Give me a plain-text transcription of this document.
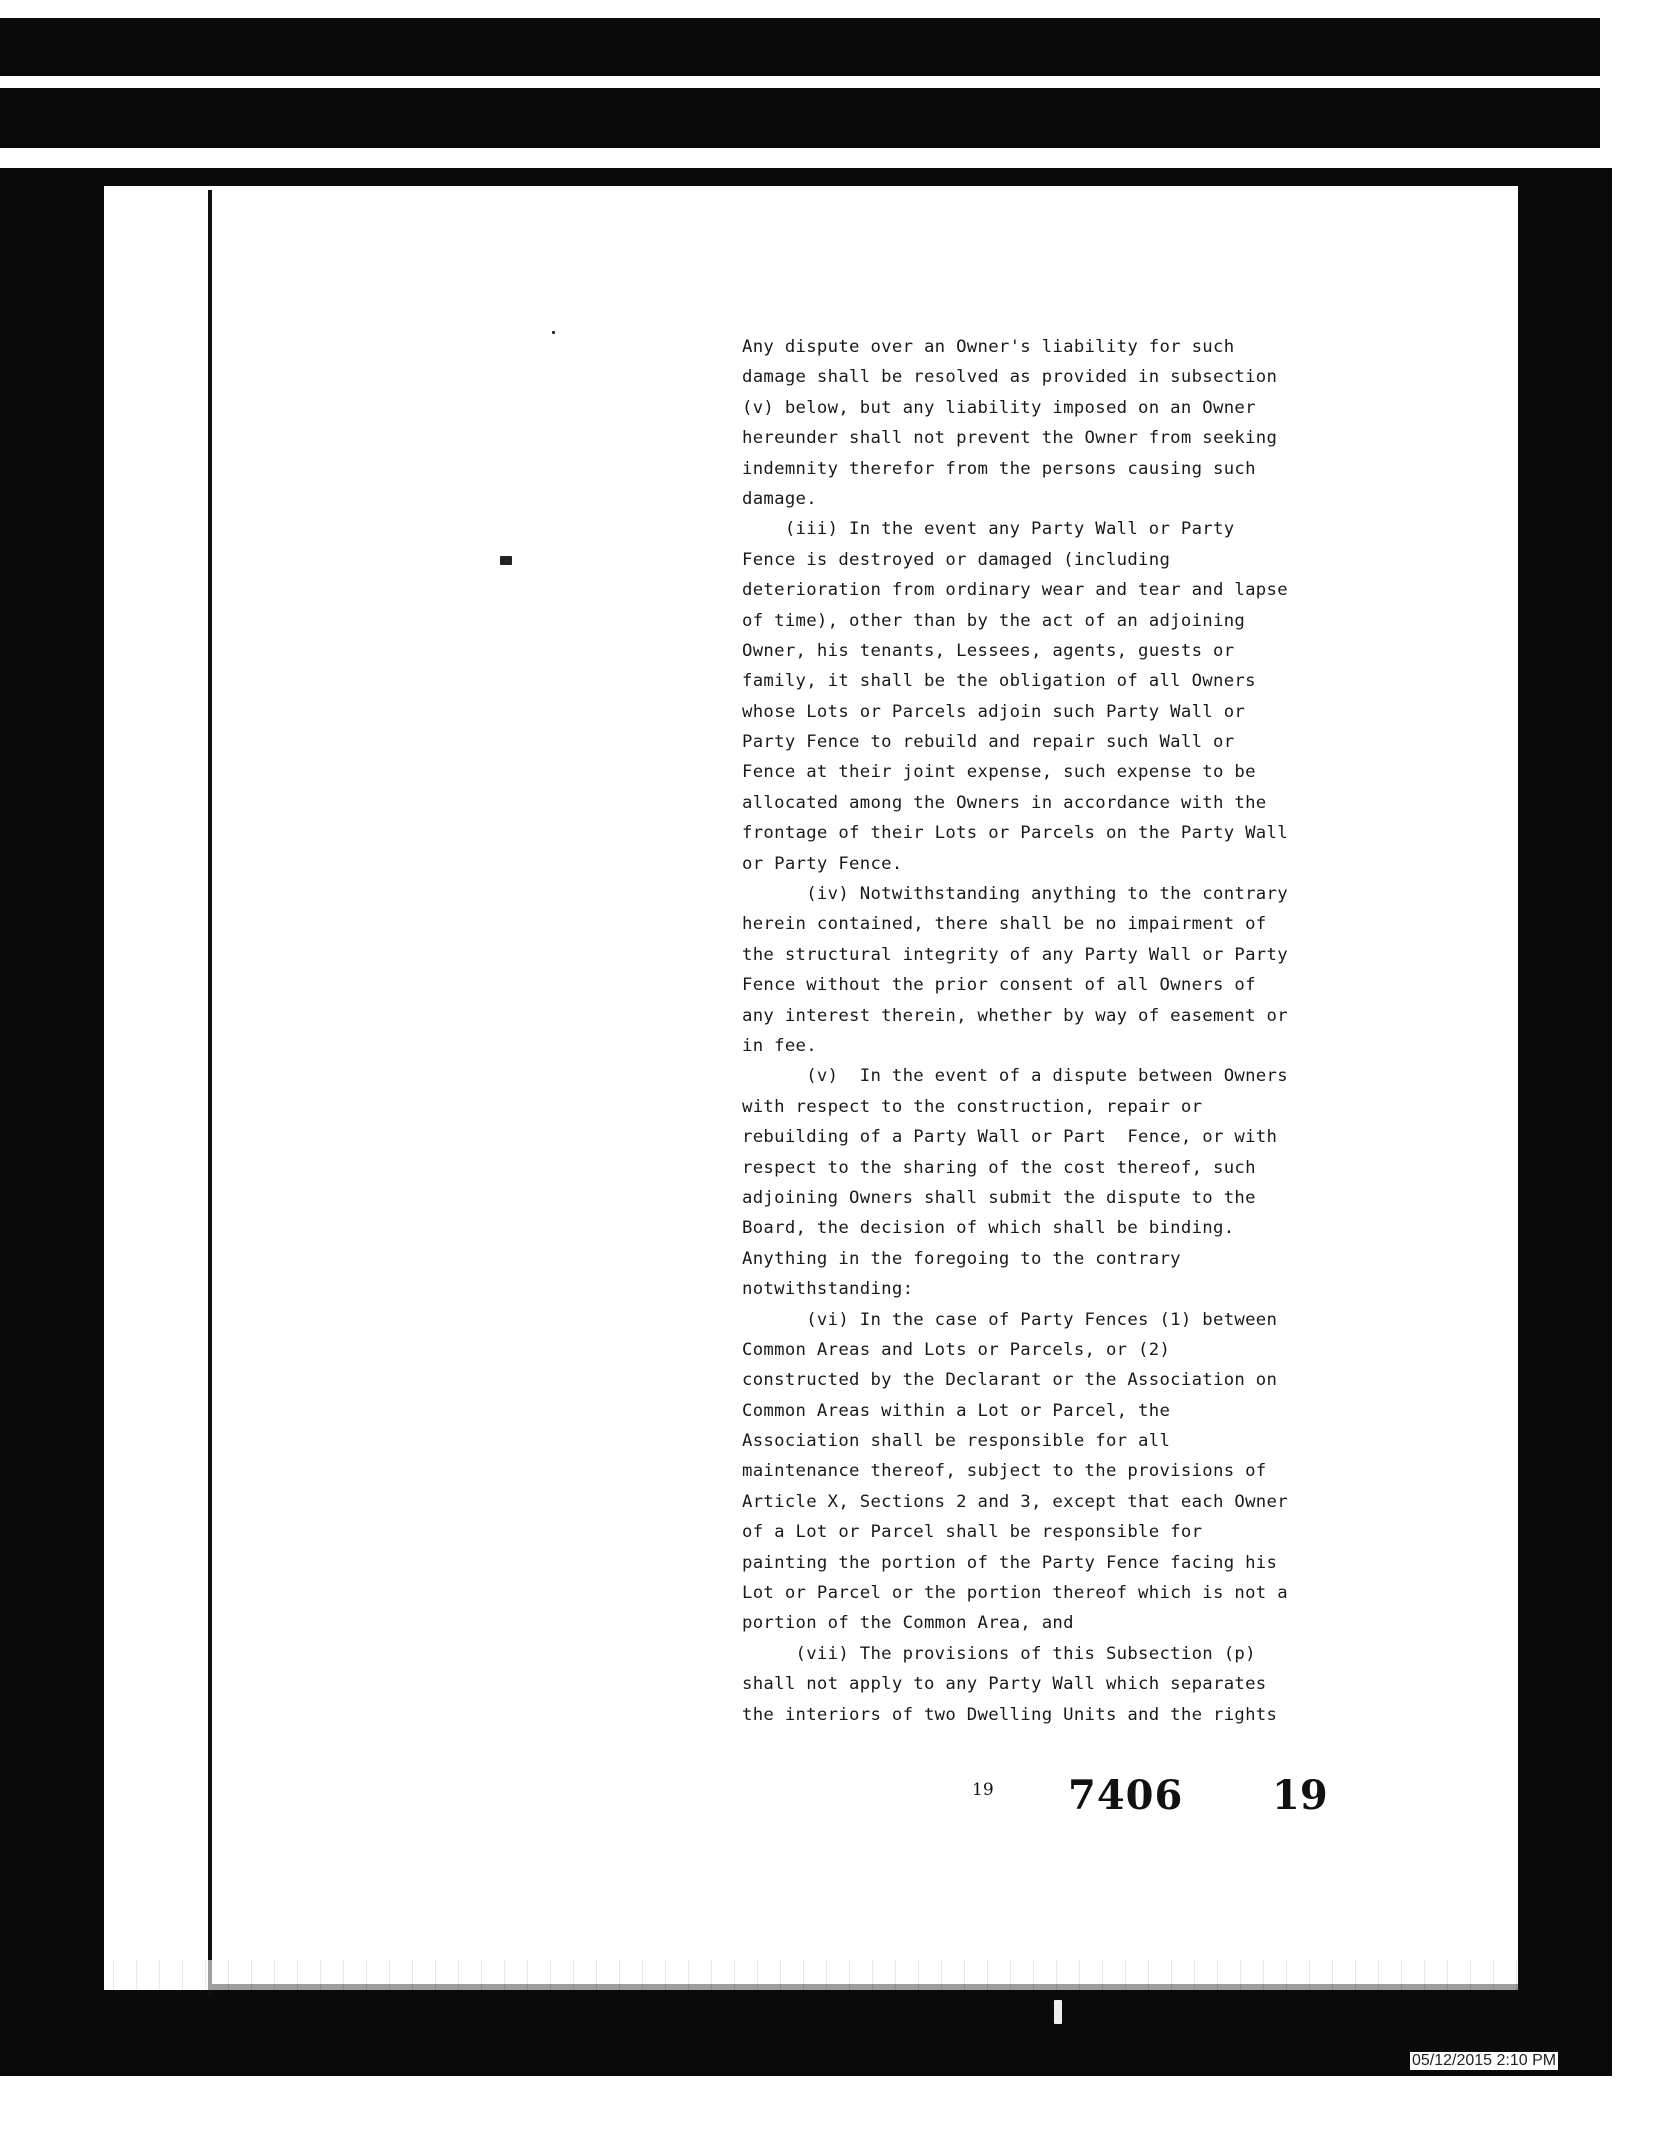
Any dispute over an Owner's liability for such
damage shall be resolved as provided in subsection
(v) below, but any liability imposed on an Owner
hereunder shall not prevent the Owner from seeking
indemnity therefor from the persons causing such
damage.
(iii) In the event any Party Wall or Party
Fence is destroyed or damaged (including
deterioration from ordinary wear and tear and lapse
of time), other than by the act of an adjoining
Owner, his tenants, Lessees, agents, guests or
family, it shall be the obligation of all Owners
whose Lots or Parcels adjoin such Party Wall or
Party Fence to rebuild and repair such Wall or
Fence at their joint expense, such expense to be
allocated among the Owners in accordance with the
frontage of their Lots or Parcels on the Party Wall
or Party Fence.
(iv) Notwithstanding anything to the contrary
herein contained, there shall be no impairment of
the structural integrity of any Party Wall or Party
Fence without the prior consent of all Owners of
any interest therein, whether by way of easement or
in fee.
(v)  In the event of a dispute between Owners
with respect to the construction, repair or
rebuilding of a Party Wall or Part  Fence, or with
respect to the sharing of the cost thereof, such
adjoining Owners shall submit the dispute to the
Board, the decision of which shall be binding.
Anything in the foregoing to the contrary
notwithstanding:
(vi) In the case of Party Fences (1) between
Common Areas and Lots or Parcels, or (2)
constructed by the Declarant or the Association on
Common Areas within a Lot or Parcel, the
Association shall be responsible for all
maintenance thereof, subject to the provisions of
Article X, Sections 2 and 3, except that each Owner
of a Lot or Parcel shall be responsible for
painting the portion of the Party Fence facing his
Lot or Parcel or the portion thereof which is not a
portion of the Common Area, and
(vii) The provisions of this Subsection (p)
shall not apply to any Party Wall which separates
the interiors of two Dwelling Units and the rights
19 7406 19
05/12/2015 2:10 PM
